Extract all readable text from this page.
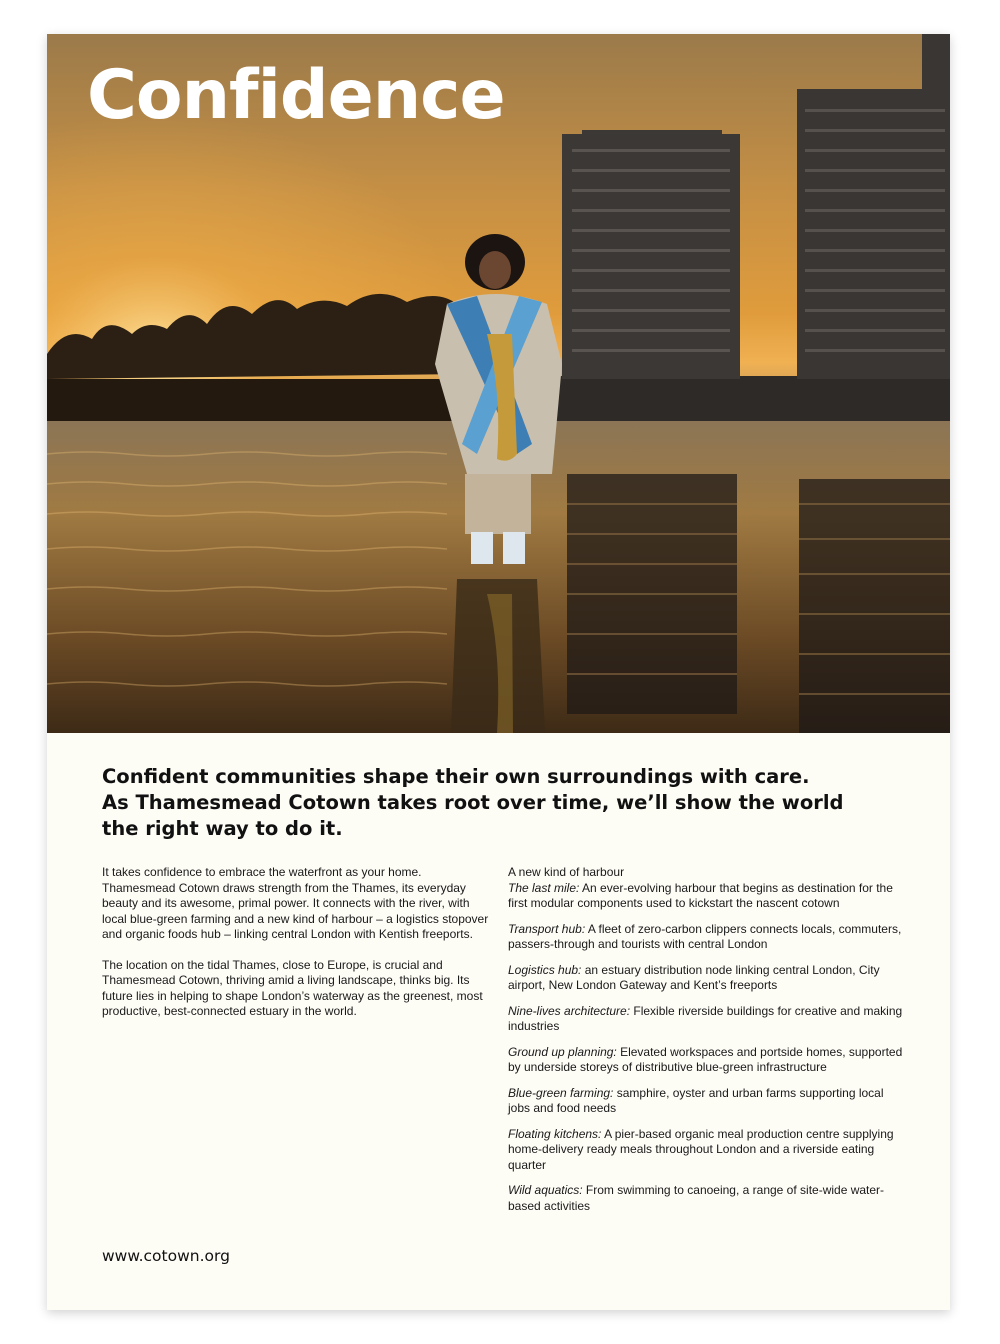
Confidence
Confident communities shape their own surroundings with care.
As Thamesmead Cotown takes root over time, we’ll show the world
the right way to do it.

It takes confidence to embrace the waterfront as your home. Thamesmead Cotown draws strength from the Thames, its everyday beauty and its awesome, primal power. It connects with the river, with local blue-green farming and a new kind of harbour – a logistics stopover and organic foods hub – linking central London with Kentish freeports.

The location on the tidal Thames, close to Europe, is crucial and Thamesmead Cotown, thriving amid a living landscape, thinks big. Its future lies in helping to shape London’s waterway as the greenest, most productive, best-connected estuary in the world.

A new kind of harbour

The last mile: An ever-evolving harbour that begins as destination for the first modular components used to kickstart the nascent cotown

Transport hub: A fleet of zero-carbon clippers connects locals, commuters, passers-through and tourists with central London

Logistics hub: an estuary distribution node linking central London, City airport, New London Gateway and Kent’s freeports

Nine-lives architecture: Flexible riverside buildings for creative and making industries

Ground up planning: Elevated workspaces and portside homes, supported by underside storeys of distributive blue-green infrastructure

Blue-green farming: samphire, oyster and urban farms supporting local jobs and food needs

Floating kitchens: A pier-based organic meal production centre supplying home-delivery ready meals throughout London and a riverside eating quarter

Wild aquatics: From swimming to canoeing, a range of site-wide water-based activities

www.cotown.org
